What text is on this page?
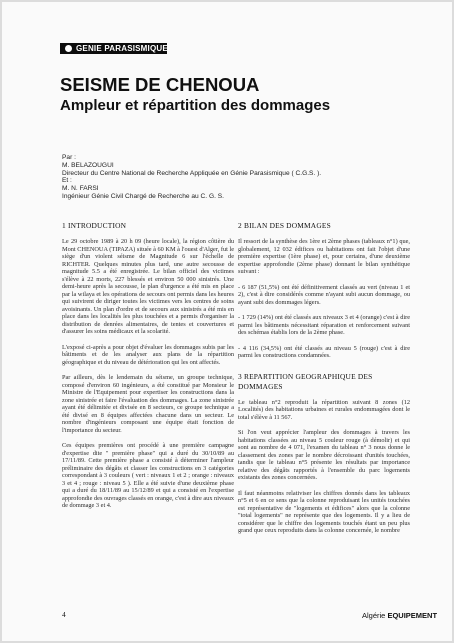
GENIE PARASISMIQUE
SEISME DE CHENOUA
Ampleur et répartition des dommages
Par :
M. BELAZOUGUI
Directeur du Centre National de Recherche Appliquée en Génie Parasismique ( C.G.S. ).
Et :
M. N. FARSI
Ingénieur Génie Civil Chargé de Recherche au C. G. S.
1 INTRODUCTION

Le 29 octobre 1989 à 20 h 09 (heure locale), la région côtière du Mont CHENOUA (TIPAZA) située à 60 KM à l'ouest d'Alger, fut le siège d'un violent séisme de Magnitude 6 sur l'échelle de RICHTER. Quelques minutes plus tard, une autre secousse de magnitude 5.5 a été enregistrée. Le bilan officiel des victimes s'élève à 22 morts, 227 blessés et environ 50 000 sinistrés. Une demi-heure après la secousse, le plan d'urgence a été mis en place par la wilaya et les opérations de secours ont permis dans les heures qui suivirent de diriger toutes les victimes vers les centres de soins avoisinants. Un plan d'ordre et de secours aux sinistrés a été mis en place dans les localités les plus touchées et a permis d'organiser la distribution de denrées alimentaires, de tentes et couvertures et d'assurer les soins médicaux et la scolarité.

L'exposé ci-après a pour objet d'évaluer les dommages subis par les bâtiments et de les analyser aux plans de la répartition géographique et du niveau de détérioration qui les ont affectés.

Par ailleurs, dès le lendemain du séisme, un groupe technique, composé d'environ 60 ingénieurs, a été constitué par Monsieur le Ministre de l'Equipement pour expertiser les constructions dans la zone sinistrée et faire l'évaluation des dommages. La zone sinistrée ayant été délimitée et divisée en 8 secteurs, ce groupe technique a été divisé en 8 équipes affectées chacune dans un secteur. Le nombre d'ingénieurs composant une équipe était fonction de l'importance du secteur.

Ces équipes premières ont procédé à une première campagne d'expertise dite " première phase" qui a duré du 30/10/89 au 17/11/89. Cette première phase a consisté à déterminer l'ampleur préliminaire des dégâts et classer les constructions en 3 catégories correspondant à 3 couleurs ( vert : niveaux 1 et 2 ; orange : niveaux 3 et 4 ; rouge : niveau 5 ). Elle a été suivie d'une deuxième phase qui a duré du 18/11/89 au 15/12/89 et qui a consisté en l'expertise approfondie des ouvrages classés en orange, c'est à dire aux niveaux de dommage 3 et 4.

2 BILAN DES DOMMAGES

Il ressort de la synthèse des 1ère et 2ème phases (tableaux n°1) que, globalement, 12 032 édifices ou habitations ont fait l'objet d'une première expertise (1ère phase) et, pour certains, d'une deuxième expertise approfondie (2ème phase) donnant le bilan synthétique suivant :

- 6 187 (51,5%) ont été définitivement classés au vert (niveau 1 et 2), c'est à dire considérés comme n'ayant subi aucun dommage, ou ayant subi des dommages légers.

- 1 729 (14%) ont été classés aux niveaux 3 et 4 (orange) c'est à dire parmi les bâtiments nécessitant réparation et renforcement suivant des schémas établis lors de la 2ème phase.

- 4 116 (34,5%) ont été classés au niveau 5 (rouge) c'est à dire parmi les constructions condamnées.

3 REPARTITION GEOGRAPHIQUE DES
DOMMAGES

Le tableau n°2 reproduit la répartition suivant 8 zones (12 Localités) des habitations urbaines et rurales endommagées dont le total s'élève à 11 567.

Si l'on veut apprécier l'ampleur des dommages à travers les habitations classées au niveau 5 couleur rouge (à démolir) et qui sont au nombre de 4 071, l'examen du tableau n° 3 nous donne le classement des zones par le nombre décroissant d'unités touchées, tandis que le tableau n°5 présente les résultats par importance relative des dégâts rapportés à l'ensemble du parc logements existants des zones concernées.

Il faut néanmoins relativiser les chiffres donnés dans les tableaux n°5 et 6 en ce sens que la colonne reproduisant les unités touchées est représentative de "logements et édifices" alors que la colonne "total logements" ne représente que des logements. Il y a lieu de considérer que le chiffre des logements touchés étant un peu plus grand que ceux reproduits dans la colonne concernée, le nombre

4	Algérie EQUIPEMENT
